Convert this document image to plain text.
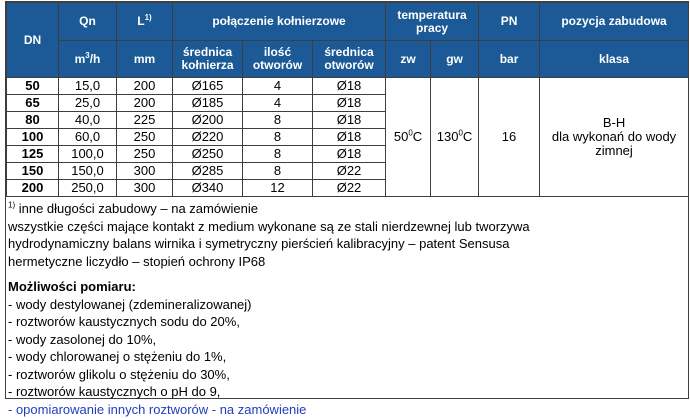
DN	Qn	$L^{1)}$	połączenie kołnierzowe			temperatura pracy		PN	pozycja zabudowa
	$m^3/h$	mm	średnica kołnierza	ilość otworów	średnica otworów	zw	gw	bar	klasa
50	15,0	200	Ø165	4	Ø18	$50^0C$	$130^0C$	16	B-H
dla wykonań do wody
zimnej

65	25,0	200	Ø185	4	Ø18				
80	40,0	225	Ø200	8	Ø18				
100	60,0	250	Ø220	8	Ø18				
125	100,0	250	Ø250	8	Ø18				
150	150,0	300	Ø285	8	Ø22				
200	250,0	300	Ø340	12	Ø22				
$^{1)}$ inne długości zabudowy – na zamówienie
wszystkie części mające kontakt z medium wykonane są ze stali nierdzewnej lub tworzywa
hydrodynamiczny balans wirnika i symetryczny pierścień kalibracyjny – patent Sensusa
hermetyczne liczydło – stopień ochrony IP68
Możliwości pomiaru:
- wody destylowanej (zdemineralizowanej)
- roztworów kaustycznych sodu do 20%,
- wody zasolonej do 10%,
- wody chlorowanej o stężeniu do 1%,
- roztworów glikolu o stężeniu do 30%,
- roztworów kaustycznych o pH do 9,
- opomiarowanie innych roztworów - na zamówienie
